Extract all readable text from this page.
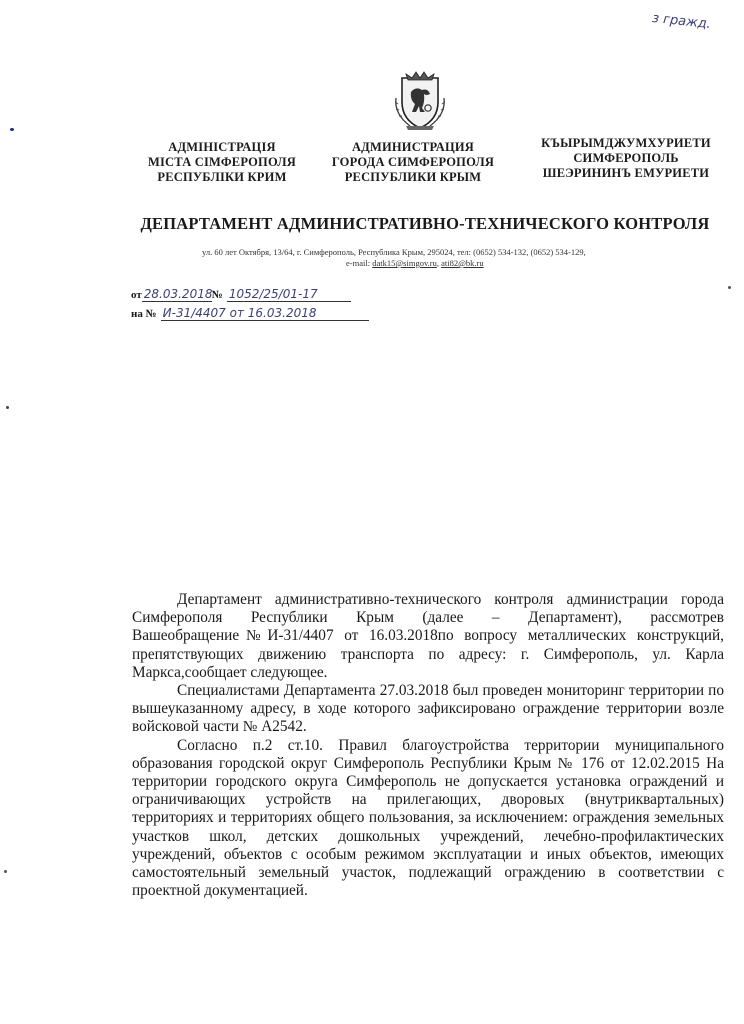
з гражд.
АДМІНІСТРАЦІЯ
МІСТА СІМФЕРОПОЛЯ
РЕСПУБЛІКИ КРИМ
АДМИНИСТРАЦИЯ
ГОРОДА СИМФЕРОПОЛЯ
РЕСПУБЛИКИ КРЫМ
КЪЫРЫМДЖУМХУРИЕТИ
СИМФЕРОПОЛЬ
ШЕЭРИНИНЪ ЕМУРИЕТИ
ДЕПАРТАМЕНТ АДМИНИСТРАТИВНО-ТЕХНИЧЕСКОГО КОНТРОЛЯ
ул. 60 лет Октября, 13/64, г. Симферополь, Республика Крым, 295024, тел: (0652) 534-132, (0652) 534-129,
e-mail: datk15@simgov.ru, ati82@bk.ru
от 28.03.2018№ 1052/25/01-17
на № И-31/4407 от 16.03.2018

Департамент административно-технического контроля администрации города Симферополя Республики Крым (далее – Департамент), рассмотрев Вашеобращение№И-31/4407 от 16.03.2018по вопросу металлических конструкций, препятствующих движению транспорта по адресу: г. Симферополь, ул. Карла Маркса,сообщает следующее.

Специалистами Департамента 27.03.2018 был проведен мониторинг территории по вышеуказанному адресу, в ходе которого зафиксировано ограждение территории возле войсковой части № А2542.

Согласно п.2 ст.10. Правил благоустройства территории муниципального образования городской округ Симферополь Республики Крым № 176 от 12.02.2015 На территории городского округа Симферополь не допускается установка ограждений и ограничивающих устройств на прилегающих, дворовых (внутриквартальных) территориях и территориях общего пользования, за исключением: ограждения земельных участков школ, детских дошкольных учреждений, лечебно-профилактических учреждений, объектов с особым режимом эксплуатации и иных объектов, имеющих самостоятельный земельный участок, подлежащий ограждению в соответствии с проектной документацией.
